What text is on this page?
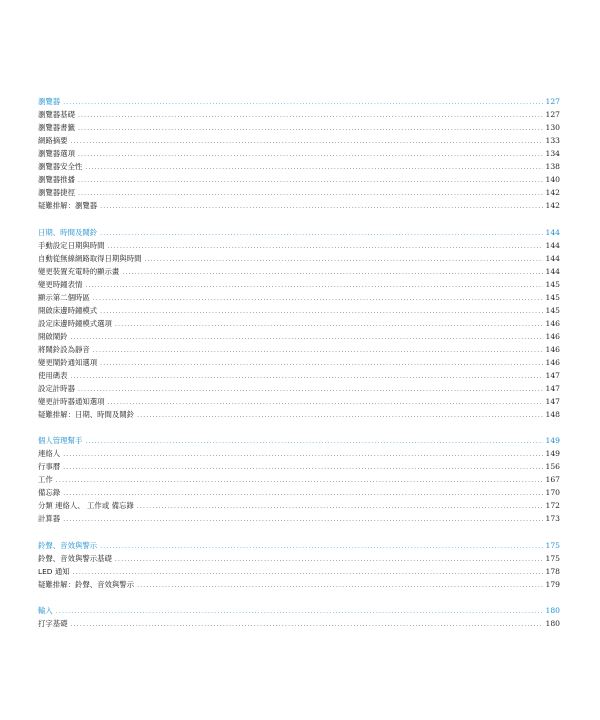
瀏覽器 .....	127
瀏覽器基礎 .....	127
瀏覽器書籤 .....	130
網路摘要 .....	133
瀏覽器選項 .....	134
瀏覽器安全性 .....	138
瀏覽器推播 .....	140
瀏覽器捷徑 .....	142
疑難排解：瀏覽器 .....	142
日期、時間及鬧鈴 .....	144
手動設定日期與時間 .....	144
自動從無線網路取得日期與時間 .....	144
變更裝置充電時的顯示畫 .....	144
變更時鐘表情 .....	145
顯示第二個時區 .....	145
開啟床邊時鐘模式 .....	145
設定床邊時鐘模式選項 .....	146
開啟鬧鈴 .....	146
將鬧鈴設為靜音 .....	146
變更鬧鈴通知選項 .....	146
使用碼表 .....	147
設定計時器 .....	147
變更計時器通知選項 .....	147
疑難排解：日期、時間及鬧鈴 .....	148
個人管理幫手 .....	149
連絡人 .....	149
行事曆 .....	156
工作 .....	167
備忘錄 .....	170
分類 連絡人、 工作或 備忘錄 .....	172
計算器 .....	173
鈴聲、音效與警示 .....	175
鈴聲、音效與警示基礎 .....	175
LED 通知 .....	178
疑難排解：鈴聲、音效與警示 .....	179
輸入 .....	180
打字基礎 .....	180
